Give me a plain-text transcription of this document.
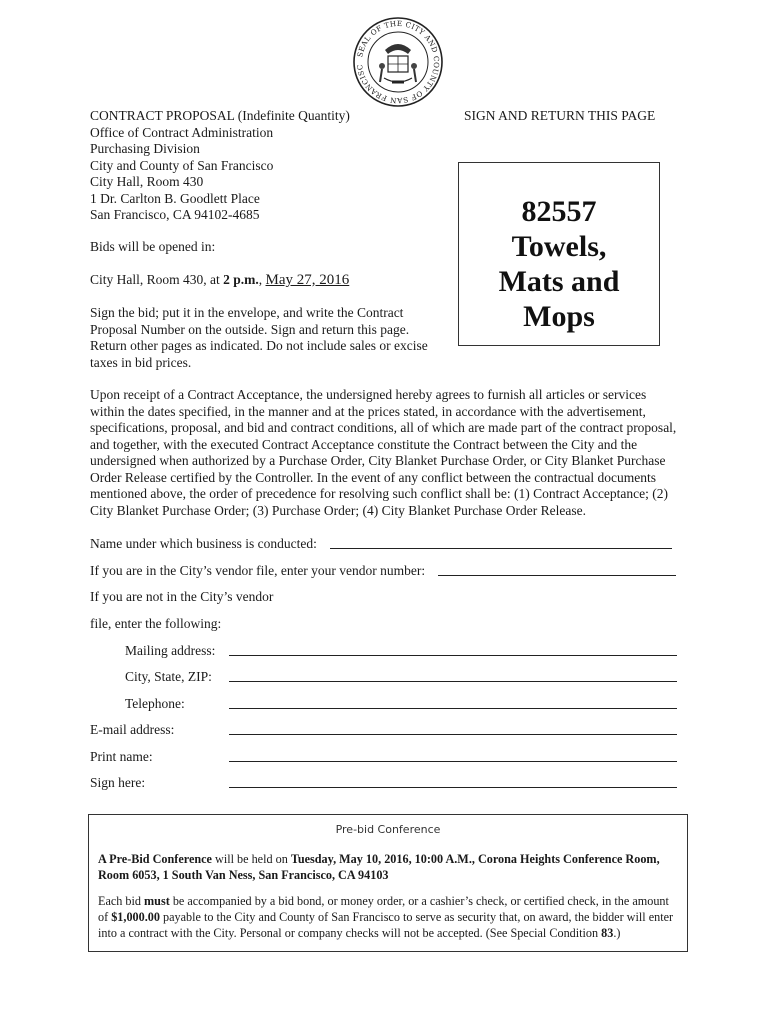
SEAL OF THE CITY AND COUNTY OF SAN FRANCISC
CONTRACT PROPOSAL (Indefinite Quantity)
Office of Contract Administration
Purchasing Division
City and County of San Francisco
City Hall, Room 430
1 Dr. Carlton B. Goodlett Place
San Francisco, CA 94102-4685
SIGN AND RETURN THIS PAGE
82557
Towels,
Mats and
Mops
Bids will be opened in:
City Hall, Room 430, at 2 p.m., May 27, 2016
Sign the bid; put it in the envelope, and write the Contract
Proposal Number on the outside. Sign and return this page.
Return other pages as indicated. Do not include sales or excise
taxes in bid prices.
Upon receipt of a Contract Acceptance, the undersigned hereby agrees to furnish all articles or services
within the dates specified, in the manner and at the prices stated, in accordance with the advertisement,
specifications, proposal, and bid and contract conditions, all of which are made part of the contract proposal,
and together, with the executed Contract Acceptance constitute the Contract between the City and the
undersigned when authorized by a Purchase Order, City Blanket Purchase Order, or City Blanket Purchase
Order Release certified by the Controller. In the event of any conflict between the contractual documents
mentioned above, the order of precedence for resolving such conflict shall be: (1) Contract Acceptance; (2)
City Blanket Purchase Order; (3) Purchase Order; (4) City Blanket Purchase Order Release.
Name under which business is conducted:
If you are in the City’s vendor file, enter your vendor number:
If you are not in the City’s vendor
file, enter the following:
Mailing address:
City, State, ZIP:
Telephone:
E-mail address:
Print name:
Sign here:
Pre-bid Conference
A Pre-Bid Conference will be held on Tuesday, May 10, 2016, 10:00 A.M., Corona Heights Conference Room,
Room 6053, 1 South Van Ness, San Francisco, CA 94103
Each bid must be accompanied by a bid bond, or money order, or a cashier’s check, or certified check, in the amount
of $1,000.00 payable to the City and County of San Francisco to serve as security that, on award, the bidder will enter
into a contract with the City. Personal or company checks will not be accepted. (See Special Condition 83.)
